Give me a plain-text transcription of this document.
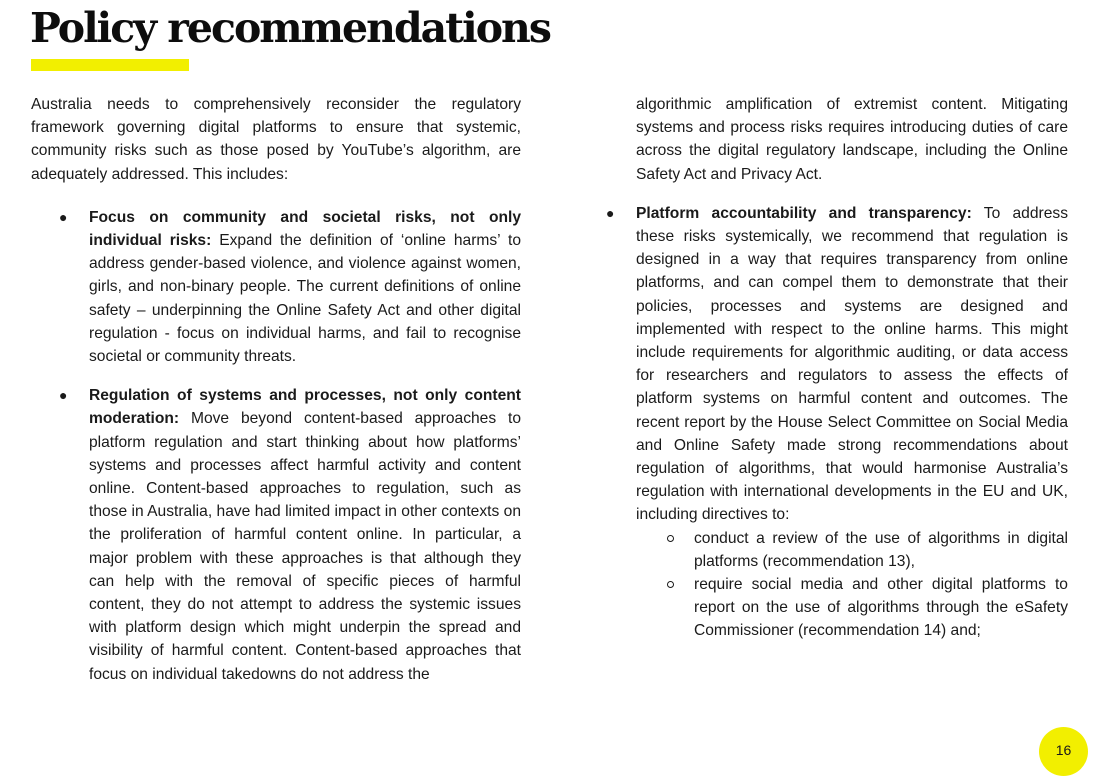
Policy recommendations

Australia needs to comprehensively reconsider the regulatory framework governing digital platforms to ensure that systemic, community risks such as those posed by YouTube’s algorithm, are adequately addressed. This includes:

● Focus on community and societal risks, not only individual risks: Expand the definition of ‘online harms’ to address gender-based violence, and violence against women, girls, and non-binary people. The current definitions of online safety – underpinning the Online Safety Act and other digital regulation - focus on individual harms, and fail to recognise societal or community threats.
● Regulation of systems and processes, not only content moderation: Move beyond content-based approaches to platform regulation and start thinking about how platforms’ systems and processes affect harmful activity and content online. Content-based approaches to regulation, such as those in Australia, have had limited impact in other contexts on the proliferation of harmful content online. In particular, a major problem with these approaches is that although they can help with the removal of specific pieces of harmful content, they do not attempt to address the systemic issues with platform design which might underpin the spread and visibility of harmful content. Content-based approaches that focus on individual takedowns do not address the

algorithmic amplification of extremist content. Mitigating systems and process risks requires introducing duties of care across the digital regulatory landscape, including the Online Safety Act and Privacy Act.

● Platform accountability and transparency: To address these risks systemically, we recommend that regulation is designed in a way that requires transparency from online platforms, and can compel them to demonstrate that their policies, processes and systems are designed and implemented with respect to the online harms. This might include requirements for algorithmic auditing, or data access for researchers and regulators to assess the effects of platform systems on harmful content and outcomes. The recent report by the House Select Committee on Social Media and Online Safety made strong recommendations about regulation of algorithms, that would harmonise Australia’s regulation with international developments in the EU and UK, including directives to:
conduct a review of the use of algorithms in digital platforms (recommendation 13),
require social media and other digital platforms to report on the use of algorithms through the eSafety Commissioner (recommendation 14) and;
16
